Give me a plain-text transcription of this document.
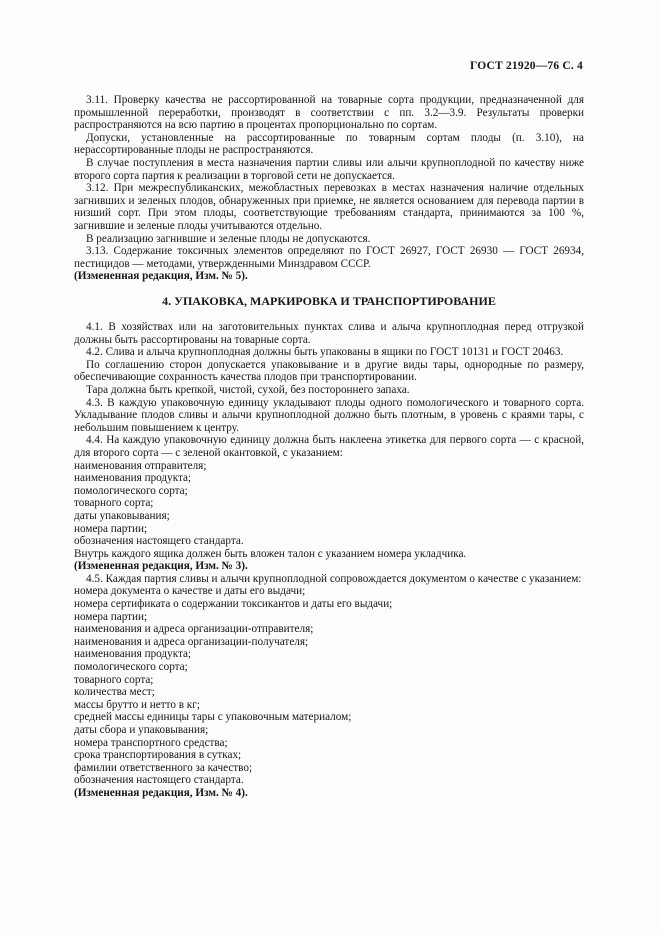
ГОСТ 21920—76 С. 4

3.11. Проверку качества не рассортированной на товарные сорта продукции, предназначенной для промышленной переработки, производят в соответствии с пп. 3.2—3.9. Результаты проверки распространяются на всю партию в процентах пропорционально по сортам.

Допуски, установленные на рассортированные по товарным сортам плоды (п. 3.10), на нерассортированные плоды не распространяются.

В случае поступления в места назначения партии сливы или алычи крупноплодной по качеству ниже второго сорта партия к реализации в торговой сети не допускается.

3.12. При межреспубликанских, межобластных перевозках в местах назначения наличие отдельных загнивших и зеленых плодов, обнаруженных при приемке, не является основанием для перевода партии в низший сорт. При этом плоды, соответствующие требованиям стандарта, принимаются за 100 %, загнившие и зеленые плоды учитываются отдельно.

В реализацию загнившие и зеленые плоды не допускаются.

3.13. Содержание токсичных элементов определяют по ГОСТ 26927, ГОСТ 26930 — ГОСТ 26934, пестицидов — методами, утвержденными Минздравом СССР.

(Измененная редакция, Изм. № 5).

4. УПАКОВКА, МАРКИРОВКА И ТРАНСПОРТИРОВАНИЕ

4.1. В хозяйствах или на заготовительных пунктах слива и алыча крупноплодная перед отгрузкой должны быть рассортированы на товарные сорта.

4.2. Слива и алыча крупноплодная должны быть упакованы в ящики по ГОСТ 10131 и ГОСТ 20463.

По соглашению сторон допускается упаковывание и в другие виды тары, однородные по размеру, обеспечивающие сохранность качества плодов при транспортировании.

Тара должна быть крепкой, чистой, сухой, без постороннего запаха.

4.3. В каждую упаковочную единицу укладывают плоды одного помологического и товарного сорта. Укладывание плодов сливы и алычи крупноплодной должно быть плотным, в уровень с краями тары, с небольшим повышением к центру.

4.4. На каждую упаковочную единицу должна быть наклеена этикетка для первого сорта — с красной, для второго сорта — с зеленой окантовкой, с указанием:

наименования отправителя;

наименования продукта;

помологического сорта;

товарного сорта;

даты упаковывания;

номера партии;

обозначения настоящего стандарта.

Внутрь каждого ящика должен быть вложен талон с указанием номера укладчика.

(Измененная редакция, Изм. № 3).

4.5. Каждая партия сливы и алычи крупноплодной сопровождается документом о качестве с указанием:

номера документа о качестве и даты его выдачи;

номера сертификата о содержании токсикантов и даты его выдачи;

номера партии;

наименования и адреса организации-отправителя;

наименования и адреса организации-получателя;

наименования продукта;

помологического сорта;

товарного сорта;

количества мест;

массы брутто и нетто в кг;

средней массы единицы тары с упаковочным материалом;

даты сбора и упаковывания;

номера транспортного средства;

срока транспортирования в сутках;

фамилии ответственного за качество;

обозначения настоящего стандарта.

(Измененная редакция, Изм. № 4).
